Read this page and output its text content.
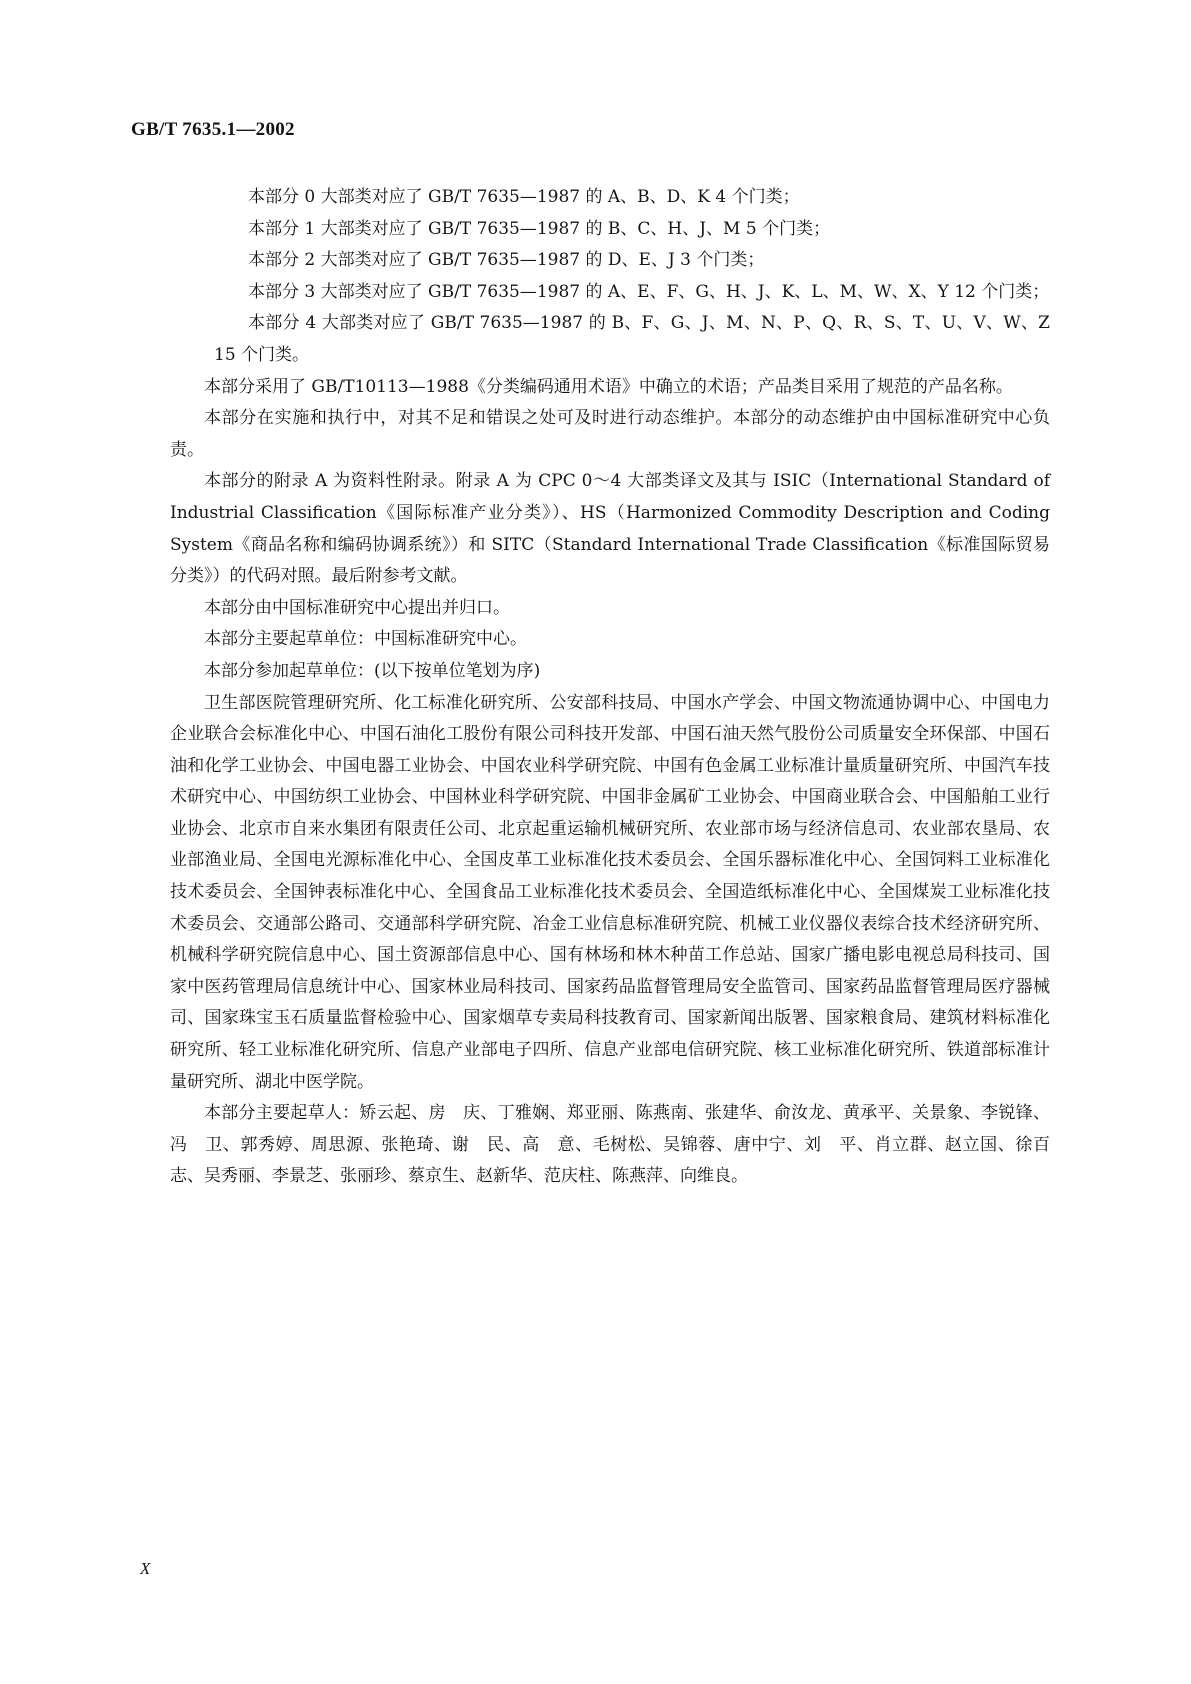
GB/T 7635.1—2002

本部分 0 大部类对应了 GB/T 7635—1987 的 A、B、D、K 4 个门类；

本部分 1 大部类对应了 GB/T 7635—1987 的 B、C、H、J、M 5 个门类；

本部分 2 大部类对应了 GB/T 7635—1987 的 D、E、J 3 个门类；

本部分 3 大部类对应了 GB/T 7635—1987 的 A、E、F、G、H、J、K、L、M、W、X、Y 12 个门类；

本部分 4 大部类对应了 GB/T 7635—1987 的 B、F、G、J、M、N、P、Q、R、S、T、U、V、W、Z 15 个门类。

本部分采用了 GB/T10113—1988《分类编码通用术语》中确立的术语；产品类目采用了规范的产品名称。

本部分在实施和执行中，对其不足和错误之处可及时进行动态维护。本部分的动态维护由中国标准研究中心负责。

本部分的附录 A 为资料性附录。附录 A 为 CPC 0～4 大部类译文及其与 ISIC（International Standard of Industrial Classification《国际标准产业分类》）、HS（Harmonized Commodity Description and Coding System《商品名称和编码协调系统》）和 SITC（Standard International Trade Classification《标准国际贸易分类》）的代码对照。最后附参考文献。

本部分由中国标准研究中心提出并归口。

本部分主要起草单位：中国标准研究中心。

本部分参加起草单位：(以下按单位笔划为序)

卫生部医院管理研究所、化工标准化研究所、公安部科技局、中国水产学会、中国文物流通协调中心、中国电力企业联合会标准化中心、中国石油化工股份有限公司科技开发部、中国石油天然气股份公司质量安全环保部、中国石油和化学工业协会、中国电器工业协会、中国农业科学研究院、中国有色金属工业标准计量质量研究所、中国汽车技术研究中心、中国纺织工业协会、中国林业科学研究院、中国非金属矿工业协会、中国商业联合会、中国船舶工业行业协会、北京市自来水集团有限责任公司、北京起重运输机械研究所、农业部市场与经济信息司、农业部农垦局、农业部渔业局、全国电光源标准化中心、全国皮革工业标准化技术委员会、全国乐器标准化中心、全国饲料工业标准化技术委员会、全国钟表标准化中心、全国食品工业标准化技术委员会、全国造纸标准化中心、全国煤炭工业标准化技术委员会、交通部公路司、交通部科学研究院、冶金工业信息标准研究院、机械工业仪器仪表综合技术经济研究所、机械科学研究院信息中心、国土资源部信息中心、国有林场和林木种苗工作总站、国家广播电影电视总局科技司、国家中医药管理局信息统计中心、国家林业局科技司、国家药品监督管理局安全监管司、国家药品监督管理局医疗器械司、国家珠宝玉石质量监督检验中心、国家烟草专卖局科技教育司、国家新闻出版署、国家粮食局、建筑材料标准化研究所、轻工业标准化研究所、信息产业部电子四所、信息产业部电信研究院、核工业标准化研究所、铁道部标准计量研究所、湖北中医学院。

本部分主要起草人：矫云起、房　庆、丁雅娴、郑亚丽、陈燕南、张建华、俞汝龙、黄承平、关景象、李锐锋、冯　卫、郭秀婷、周思源、张艳琦、谢　民、高　意、毛树松、吴锦蓉、唐中宁、刘　平、肖立群、赵立国、徐百志、吴秀丽、李景芝、张丽珍、蔡京生、赵新华、范庆柱、陈燕萍、向维良。

X
